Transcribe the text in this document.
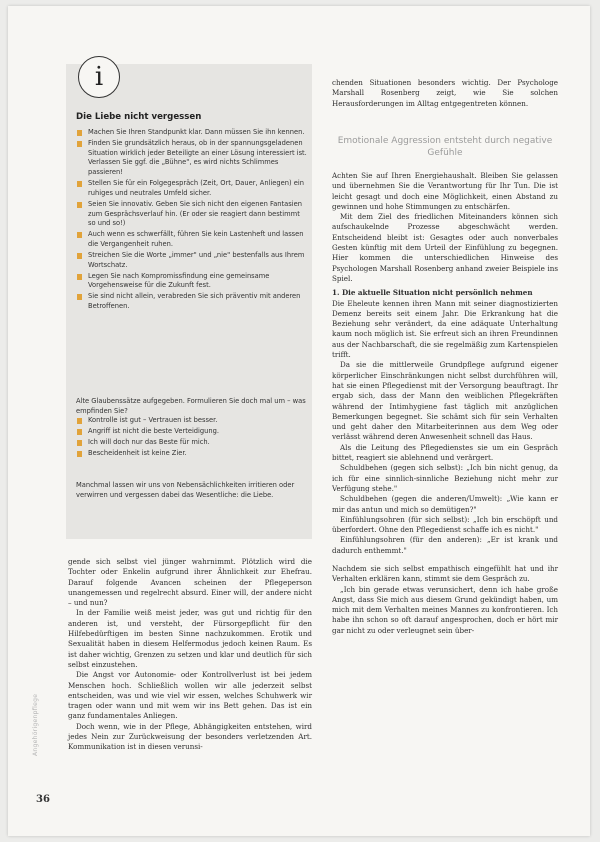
i
Die Liebe nicht vergessen
Machen Sie Ihren Standpunkt klar. Dann müssen Sie ihn kennen.
Finden Sie grundsätzlich heraus, ob in der spannungsgeladenen Situation wirklich jeder Beteiligte an einer Lösung interessiert ist. Verlassen Sie ggf. die „Bühne", es wird nichts Schlimmes passieren!
Stellen Sie für ein Folgegespräch (Zeit, Ort, Dauer, Anliegen) ein ruhiges und neutrales Umfeld sicher.
Seien Sie innovativ. Geben Sie sich nicht den eigenen Fantasien zum Gesprächsverlauf hin. (Er oder sie reagiert dann bestimmt so und so!)
Auch wenn es schwerfällt, führen Sie kein Lastenheft und lassen die Vergangenheit ruhen.
Streichen Sie die Worte „immer" und „nie" bestenfalls aus Ihrem Wortschatz.
Legen Sie nach Kompromissfindung eine gemeinsame Vorgehensweise für die Zukunft fest.
Sie sind nicht allein, verabreden Sie sich präventiv mit anderen Betroffenen.

Alte Glaubenssätze aufgegeben. Formulieren Sie doch mal um – was empfinden Sie?

Kontrolle ist gut – Vertrauen ist besser.
Angriff ist nicht die beste Verteidigung.
Ich will doch nur das Beste für mich.
Bescheidenheit ist keine Zier.

Manchmal lassen wir uns von Nebensächlichkeiten irritieren oder verwirren und vergessen dabei das Wesentliche: die Liebe.

chenden Situationen besonders wichtig. Der Psychologe Marshall Rosenberg zeigt, wie Sie solchen Herausforderungen im Alltag entgegentreten können.

Emotionale Aggression entsteht durch negative Gefühle

Achten Sie auf Ihren Energiehaushalt. Bleiben Sie gelassen und übernehmen Sie die Verantwortung für Ihr Tun. Die ist leicht gesagt und doch eine Möglichkeit, einen Abstand zu gewinnen und hohe Stimmungen zu entschärfen.

Mit dem Ziel des friedlichen Miteinanders können sich aufschaukelnde Prozesse abgeschwächt werden. Entscheidend bleibt ist: Gesagtes oder auch nonverbales Gesten künftig mit dem Urteil der Einfühlung zu begegnen. Hier kommen die unterschiedlichen Hinweise des Psychologen Marshall Rosenberg anhand zweier Beispiele ins Spiel.

1. Die aktuelle Situation nicht persönlich nehmen

Die Eheleute kennen ihren Mann mit seiner diagnostizierten Demenz bereits seit einem Jahr. Die Erkrankung hat die Beziehung sehr verändert, da eine adäquate Unterhaltung kaum noch möglich ist. Sie erfreut sich an ihren Freundinnen aus der Nachbarschaft, die sie regelmäßig zum Kartenspielen trifft.

Da sie die mittlerweile Grundpflege aufgrund eigener körperlicher Einschränkungen nicht selbst durchführen will, hat sie einen Pflegedienst mit der Versorgung beauftragt. Ihr ergab sich, dass der Mann den weiblichen Pflegekräften während der Intimhygiene fast täglich mit anzüglichen Bemerkungen begegnet. Sie schämt sich für sein Verhalten und geht daher den Mitarbeiterinnen aus dem Weg oder verlässt während deren Anwesenheit schnell das Haus.

Als die Leitung des Pflegedienstes sie um ein Gespräch bittet, reagiert sie ablehnend und verärgert.

Schuldbehen (gegen sich selbst): „Ich bin nicht genug, da ich für eine sinnlich-sinnliche Beziehung nicht mehr zur Verfügung stehe."

Schuldbehen (gegen die anderen/Umwelt): „Wie kann er mir das antun und mich so demütigen?"

Einfühlungsohren (für sich selbst): „Ich bin erschöpft und überfordert. Ohne den Pflegedienst schaffe ich es nicht."

Einfühlungsohren (für den anderen): „Er ist krank und dadurch enthemmt."

Nachdem sie sich selbst empathisch eingefühlt hat und ihr Verhalten erklären kann, stimmt sie dem Gespräch zu.

„Ich bin gerade etwas verunsichert, denn ich habe große Angst, dass Sie mich aus diesem Grund gekündigt haben, um mich mit dem Verhalten meines Mannes zu konfrontieren. Ich habe ihn schon so oft darauf angesprochen, doch er hört mir gar nicht zu oder verleugnet sein über-

gende sich selbst viel jünger wahrnimmt. Plötzlich wird die Tochter oder Enkelin aufgrund ihrer Ähnlichkeit zur Ehefrau. Darauf folgende Avancen scheinen der Pflegeperson unangemessen und regelrecht absurd. Einer will, der andere nicht – und nun?

In der Familie weiß meist jeder, was gut und richtig für den anderen ist, und versteht, der Fürsorgepflicht für den Hilfebedürftigen im besten Sinne nachzukommen. Erotik und Sexualität haben in diesem Helfermodus jedoch keinen Raum. Es ist daher wichtig, Grenzen zu setzen und klar und deutlich für sich selbst einzustehen.

Die Angst vor Autonomie- oder Kontrollverlust ist bei jedem Menschen hoch. Schließlich wollen wir alle jederzeit selbst entscheiden, was und wie viel wir essen, welches Schuhwerk wir tragen oder wann und mit wem wir ins Bett gehen. Das ist ein ganz fundamentales Anliegen.

Doch wenn, wie in der Pflege, Abhängigkeiten entstehen, wird jedes Nein zur Zurückweisung der besonders verletzenden Art. Kommunikation ist in diesen verunsi-

Angehörigenpflege
36
